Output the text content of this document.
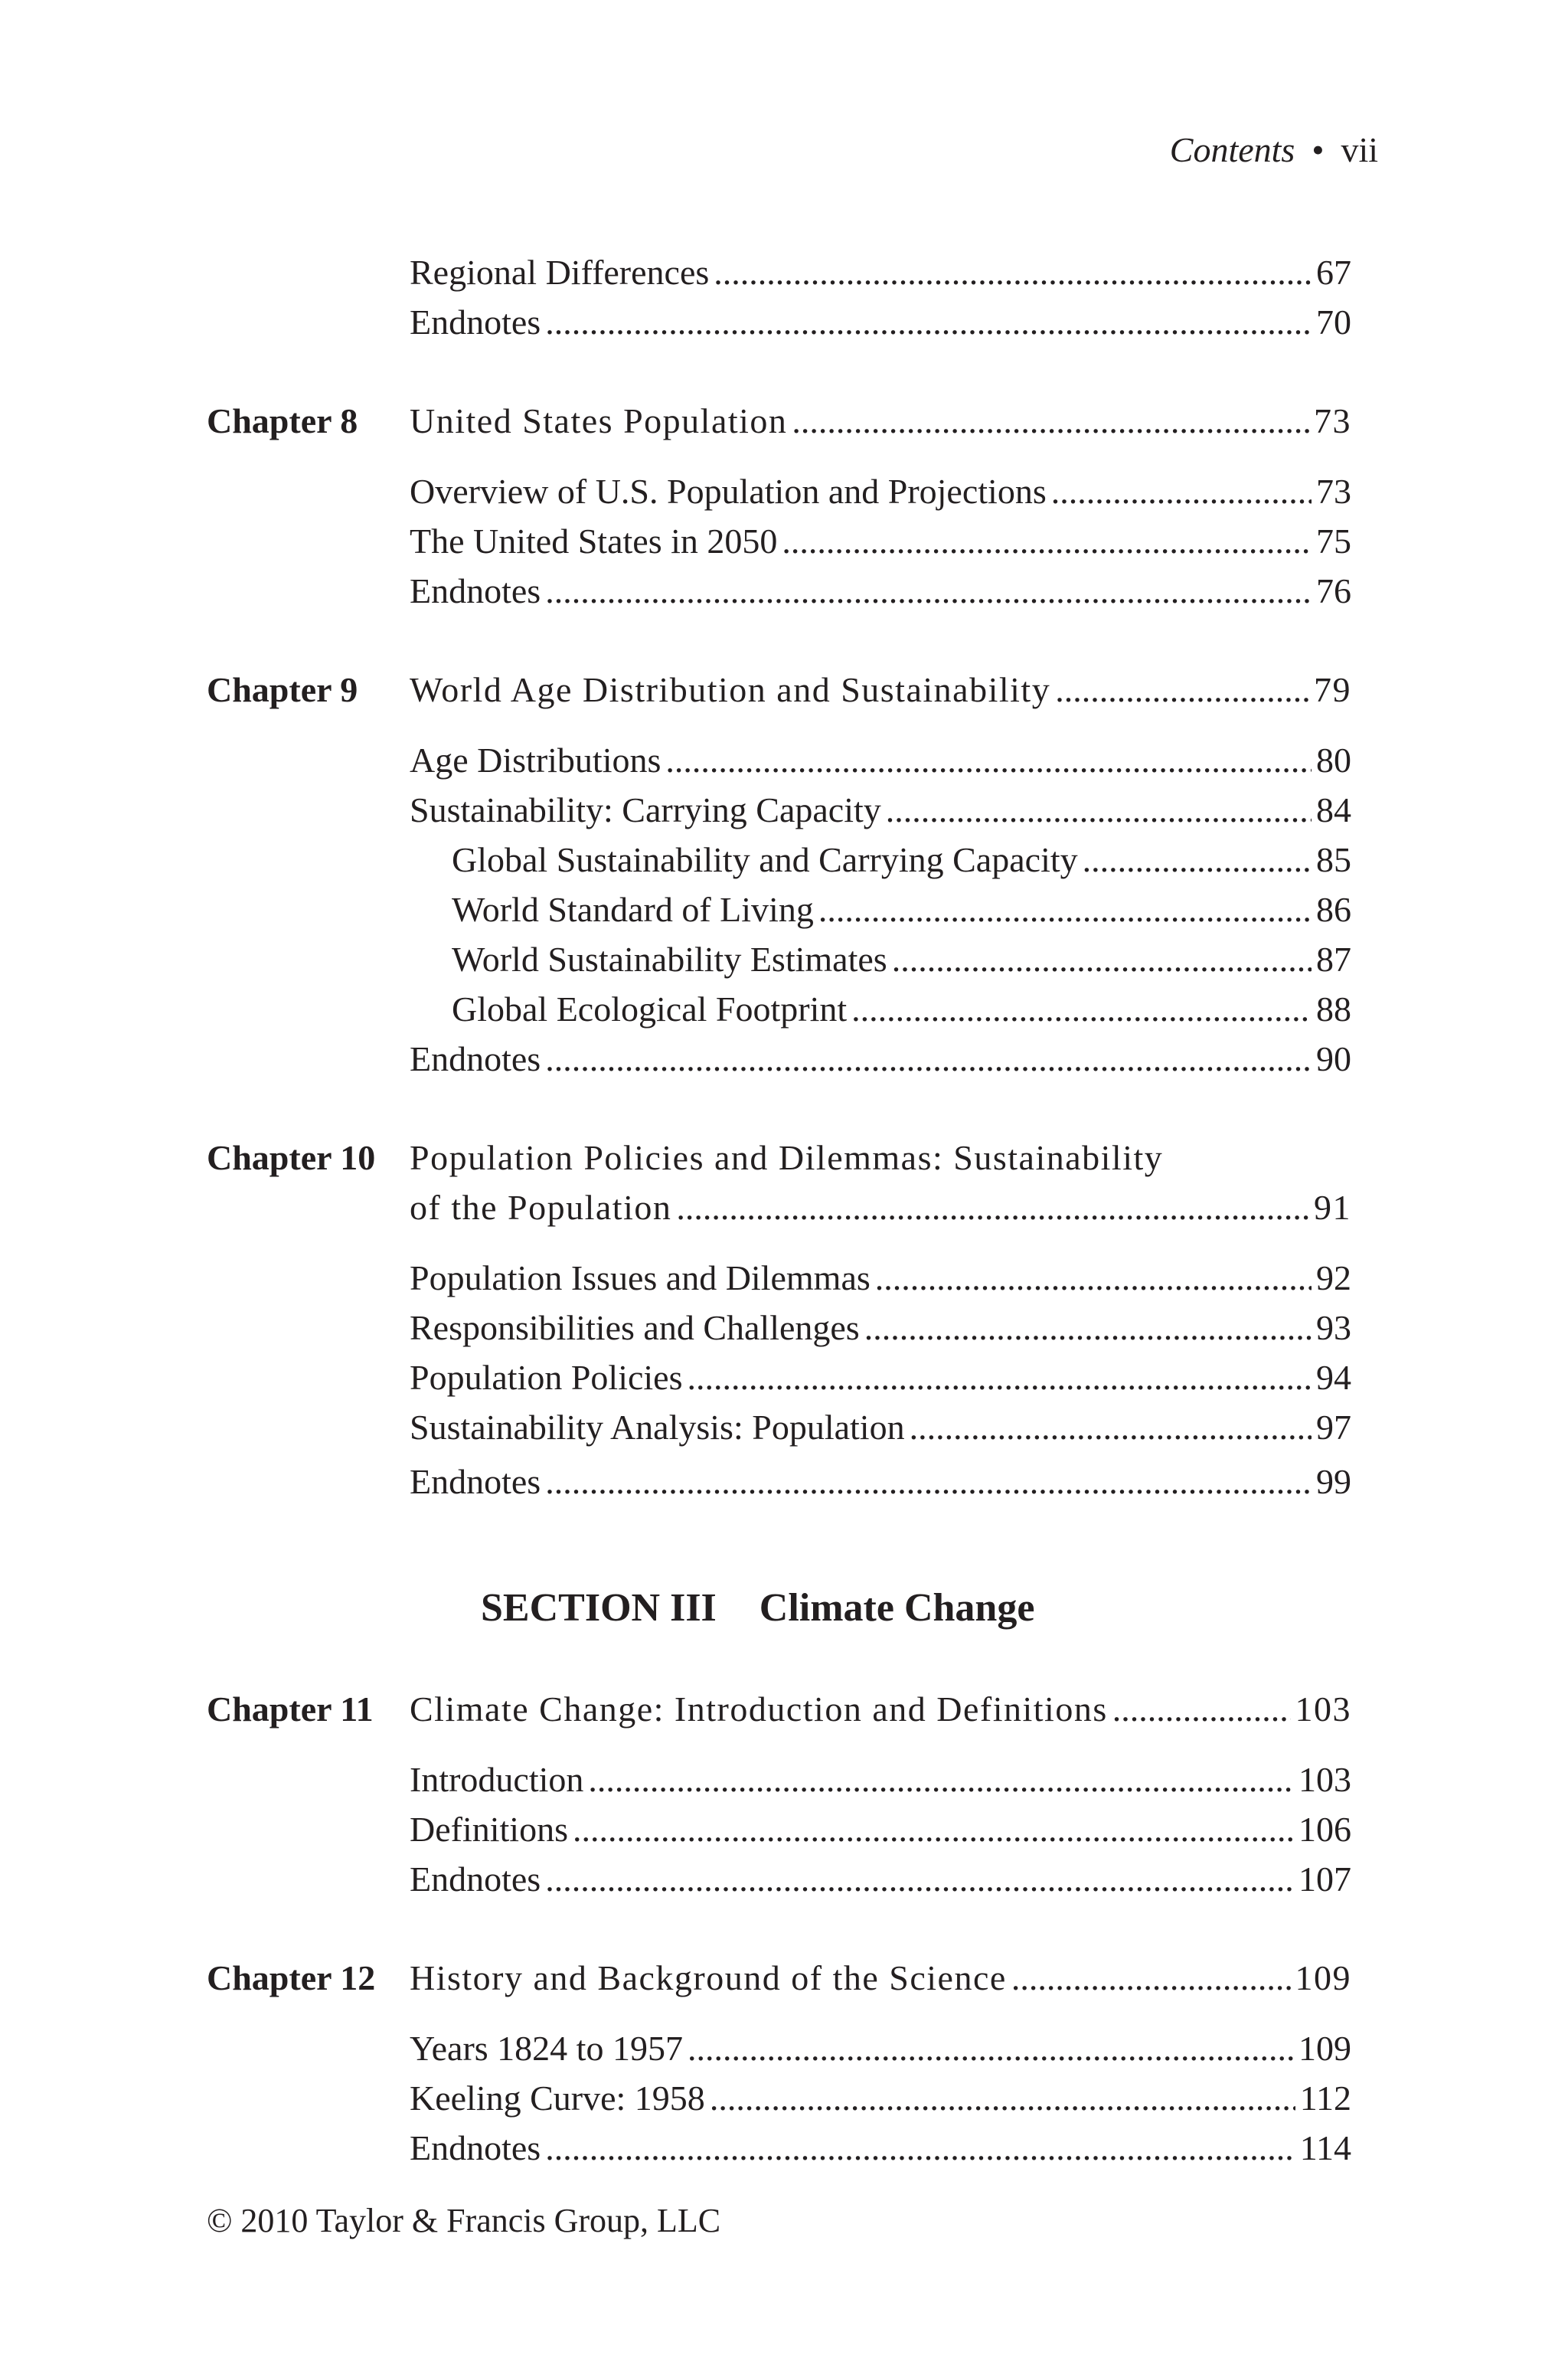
Contents • vii
Regional Differences .....	67
Endnotes .....	70
Chapter 8 United States Population .....	73
Overview of U.S. Population and Projections .....	73
The United States in 2050 .....	75
Endnotes .....	76
Chapter 9 World Age Distribution and Sustainability .....	79
Age Distributions .....	80
Sustainability: Carrying Capacity .....	84
Global Sustainability and Carrying Capacity .....	85
World Standard of Living .....	86
World Sustainability Estimates .....	87
Global Ecological Footprint .....	88
Endnotes .....	90
Chapter 10 Population Policies and Dilemmas: Sustainability
of the Population .....	91
Population Issues and Dilemmas .....	92
Responsibilities and Challenges .....	93
Population Policies .....	94
Sustainability Analysis: Population .....	97
Endnotes .....	99
SECTION III Climate Change
Chapter 11 Climate Change: Introduction and Definitions .....	103
Introduction .....	103
Definitions .....	106
Endnotes .....	107
Chapter 12 History and Background of the Science .....	109
Years 1824 to 1957 .....	109
Keeling Curve: 1958 .....	112
Endnotes .....	114
© 2010 Taylor & Francis Group, LLC
